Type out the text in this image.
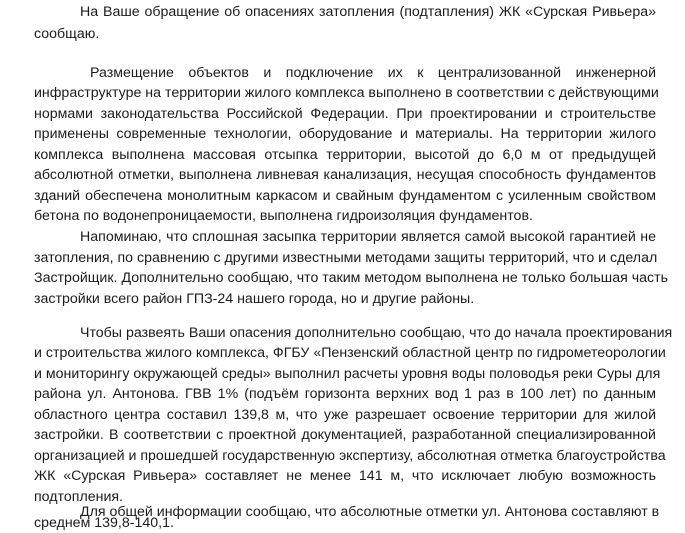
На Ваше обращение об опасениях затопления (подтапления) ЖК «Сурская Ривьера»
сообщаю.
Размещение объектов и подключение их к централизованной инженерной
инфраструктуре на территории жилого комплекса выполнено в соответствии с действующими
нормами законодательства Российской Федерации. При проектировании и строительстве
применены современные технологии, оборудование и материалы. На территории жилого
комплекса выполнена массовая отсыпка территории, высотой до 6,0 м от предыдущей
абсолютной отметки, выполнена ливневая канализация, несущая способность фундаментов
зданий обеспечена монолитным каркасом и свайным фундаментом с усиленным свойством
бетона по водонепроницаемости, выполнена гидроизоляция фундаментов.
Напоминаю, что сплошная засыпка территории является самой высокой гарантией не
затопления, по сравнению с другими известными методами защиты территорий, что и сделал
Застройщик. Дополнительно сообщаю, что таким методом выполнена не только большая часть
застройки всего район ГПЗ-24 нашего города, но и другие районы.
Чтобы развеять Ваши опасения дополнительно сообщаю, что до начала проектирования
и строительства жилого комплекса, ФГБУ «Пензенский областной центр по гидрометеорологии
и мониторингу окружающей среды» выполнил расчеты уровня воды половодья реки Суры для
района ул. Антонова. ГВВ 1% (подъём горизонта верхних вод 1 раз в 100 лет) по данным
областного центра составил 139,8 м, что уже разрешает освоение территории для жилой
застройки. В соответствии с проектной документацией, разработанной специализированной
организацией и прошедшей государственную экспертизу, абсолютная отметка благоустройства
ЖК «Сурская Ривьера» составляет не менее 141 м, что исключает любую возможность
подтопления.
Для общей информации сообщаю, что абсолютные отметки ул. Антонова составляют в
среднем 139,8-140,1.
